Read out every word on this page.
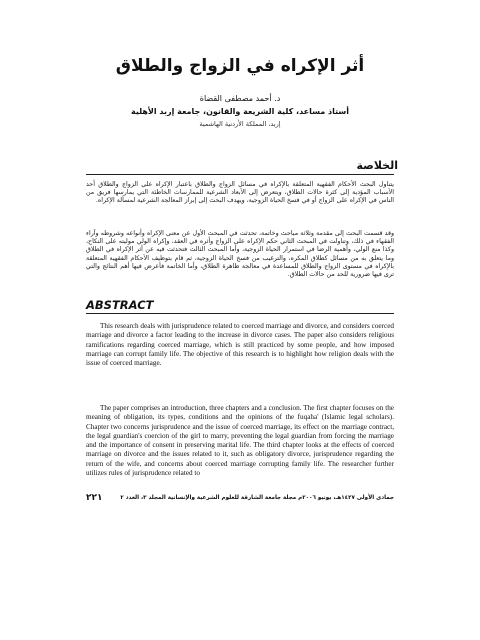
أثر الإكراه في الزواج والطلاق
د. أحمد مصطفى القضاة
أستاذ مساعد، كلية الشريعة والقانون، جامعة إربد الأهلية
إربد، المملكة الأردنية الهاشمية
الخلاصة

يتناول البحث الأحكام الفقهية المتعلقة بالإكراه في مسائل الزواج والطلاق باعتبار الإكراه على الزواج والطلاق أحد الأسباب المؤدية إلى كثرة حالات الطلاق، ويتعرض إلى الأبعاد الشرعية للممارسات الخاطئة التي يمارسها فريق من الناس في الإكراه على الزواج أو في فسخ الحياة الزوجية، ويهدف البحث إلى إبراز المعالجة الشرعية لمسألة الإكراه.

وقد قسمت البحث إلى مقدمة وثلاثة مباحث وخاتمة، تحدثت في المبحث الأول عن معنى الإكراه وأنواعه وشروطه وآراء الفقهاء في ذلك، وتناولت في المبحث الثاني حكم الإكراه على الزواج وأثره في العقد، وإكراه الولي موليته على النكاح، وكذا منع الولي، وأهمية الرضا في استمرار الحياة الزوجية، وأما المبحث الثالث فتحدثت فيه عن أثر الإكراه في الطلاق وما يتعلق به من مسائل كطلاق المكره، والترغيب من فسخ الحياة الزوجية، ثم قام بتوظيف الأحكام الفقهية المتعلقة بالإكراه في مستوى الزواج والطلاق للمساعدة في معالجة ظاهرة الطلاق، وأما الخاتمة فأعرض فيها أهم النتائج والتي ترى فيها ضرورية للحد من حالات الطلاق.

ABSTRACT

This research deals with jurisprudence related to coerced marriage and divorce, and considers coerced marriage and divorce a factor leading to the increase in divorce cases. The paper also considers religious ramifications regarding coerced marriage, which is still practiced by some people, and how imposed marriage can corrupt family life. The objective of this research is to highlight how religion deals with the issue of coerced marriage.

The paper comprises an introduction, three chapters and a conclusion. The first chapter focuses on the meaning of obligation, its types, conditions and the opinions of the fuqaha' (Islamic legal scholars). Chapter two concerns jurisprudence and the issue of coerced marriage, its effect on the marriage contract, the legal guardian's coercion of the girl to marry, preventing the legal guardian from forcing the marriage and the importance of consent in preserving marital life. The third chapter looks at the effects of coerced marriage on divorce and the issues related to it, such as obligatory divorce, jurisprudence regarding the return of the wife, and concerns about coerced marriage corrupting family life. The researcher further utilizes rules of jurisprudence related to

جمادى الأولى ١٤٢٧هـ، يونيو ٢٠٠٦م مجلة جامعة الشارقة للعلوم الشرعية والإنسانية المجلد ٣، العدد ٢
٢٢١
